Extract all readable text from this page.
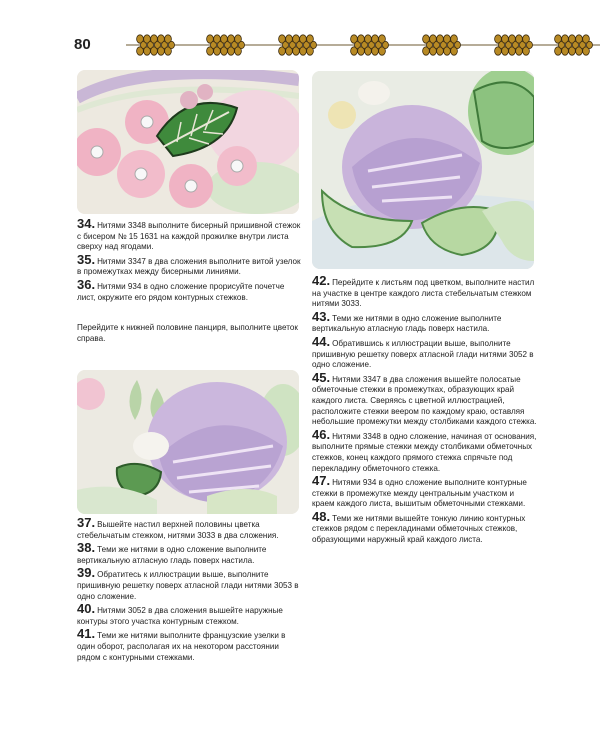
80
34. Нитями 3348 выполните бисерный пришивной стежок с бисером № 15 1631 на каждой прожилке внутри листа сверху над ягодами.
35. Нитями 3347 в два сложения выполните витой узелок в промежутках между бисерными линиями.
36. Нитями 934 в одно сложение прорисуйте почетче лист, окружите его рядом контурных стежков.
Перейдите к нижней половине панциря, выполните цветок справа.
37. Вышейте настил верхней половины цветка стебельчатым стежком, нитями 3033 в два сложения.
38. Теми же нитями в одно сложение выполните вертикальную атласную гладь поверх настила.
39. Обратитесь к иллюстрации выше, выполните пришивную решетку поверх атласной глади нитями 3053 в одно сложение.
40. Нитями 3052 в два сложения вышейте наружные контуры этого участка контурным стежком.
41. Теми же нитями выполните французские узелки в один оборот, располагая их на некотором расстоянии рядом с контурными стежками.
42. Перейдите к листьям под цветком, выполните настил на участке в центре каждого листа стебельчатым стежком нитями 3033.
43. Теми же нитями в одно сложение выполните вертикальную атласную гладь поверх настила.
44. Обратившись к иллюстрации выше, выполните пришивную решетку поверх атласной глади нитями 3052 в одно сложение.
45. Нитями 3347 в два сложения вышейте полосатые обметочные стежки в промежутках, образующих край каждого листа. Сверяясь с цветной иллюстрацией, расположите стежки веером по каждому краю, оставляя небольшие промежутки между столбиками каждого стежка.
46. Нитями 3348 в одно сложение, начиная от основания, выполните прямые стежки между столбиками обметочных стежков, конец каждого прямого стежка спрячьте под перекладину обметочного стежка.
47. Нитями 934 в одно сложение выполните контурные стежки в промежутке между центральным участком и краем каждого листа, вышитым обметочными стежками.
48. Теми же нитями вышейте тонкую линию контурных стежков рядом с перекладинами обметочных стежков, образующими наружный край каждого листа.
